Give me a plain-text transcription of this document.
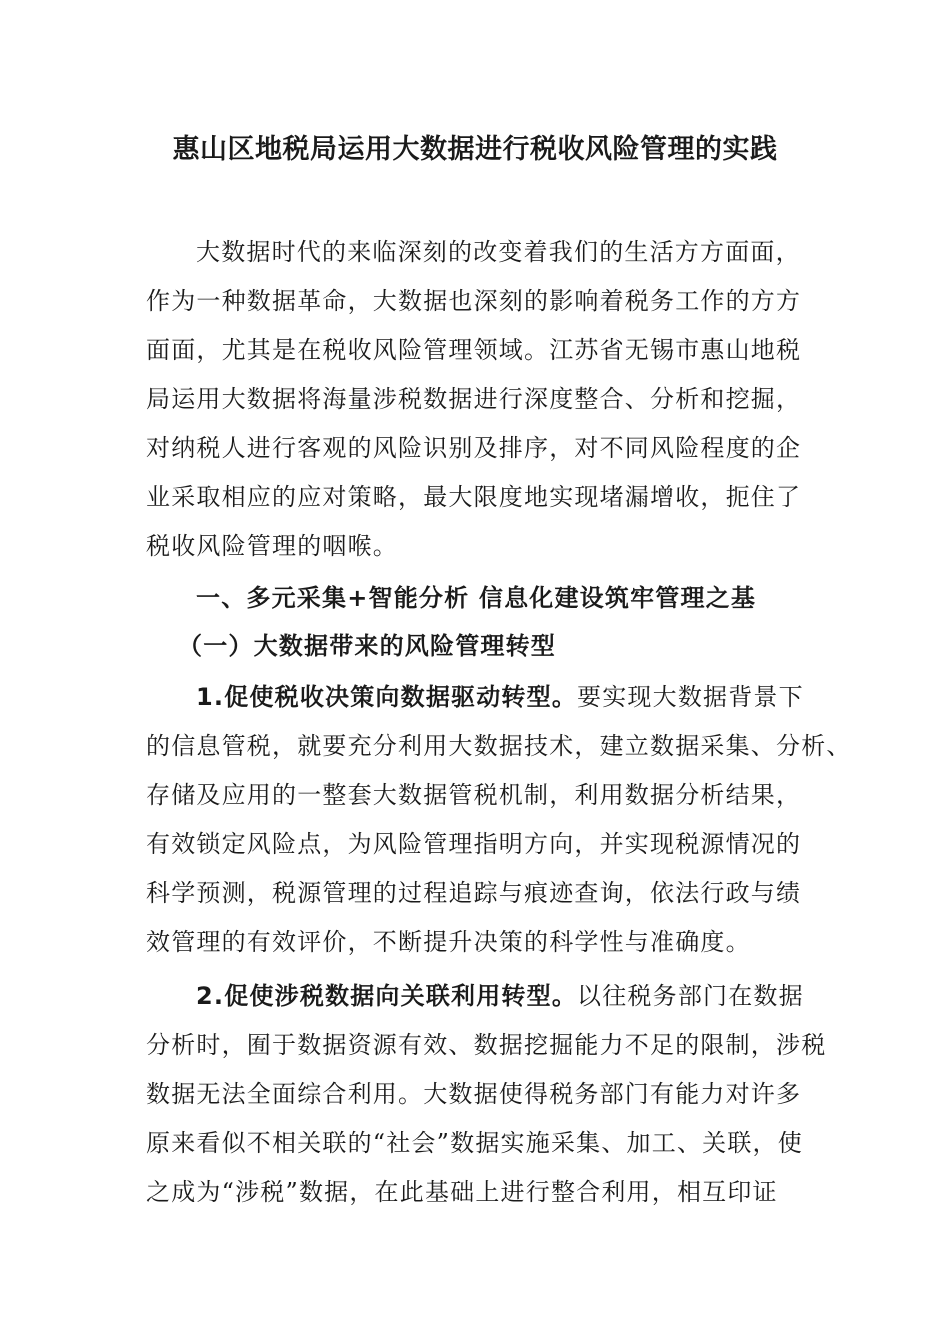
惠山区地税局运用大数据进行税收风险管理的实践
大数据时代的来临深刻的改变着我们的生活方方面面，
作为一种数据革命，大数据也深刻的影响着税务工作的方方
面面，尤其是在税收风险管理领域。江苏省无锡市惠山地税
局运用大数据将海量涉税数据进行深度整合、分析和挖掘，
对纳税人进行客观的风险识别及排序，对不同风险程度的企
业采取相应的应对策略，最大限度地实现堵漏增收，扼住了
税收风险管理的咽喉。
一、多元采集+智能分析 信息化建设筑牢管理之基
（一）大数据带来的风险管理转型
1.促使税收决策向数据驱动转型。要实现大数据背景下
的信息管税，就要充分利用大数据技术，建立数据采集、分析、
存储及应用的一整套大数据管税机制，利用数据分析结果，
有效锁定风险点，为风险管理指明方向，并实现税源情况的
科学预测，税源管理的过程追踪与痕迹查询，依法行政与绩
效管理的有效评价，不断提升决策的科学性与准确度。
2.促使涉税数据向关联利用转型。以往税务部门在数据
分析时，囿于数据资源有效、数据挖掘能力不足的限制，涉税
数据无法全面综合利用。大数据使得税务部门有能力对许多
原来看似不相关联的“社会”数据实施采集、加工、关联，使
之成为“涉税”数据，在此基础上进行整合利用，相互印证
